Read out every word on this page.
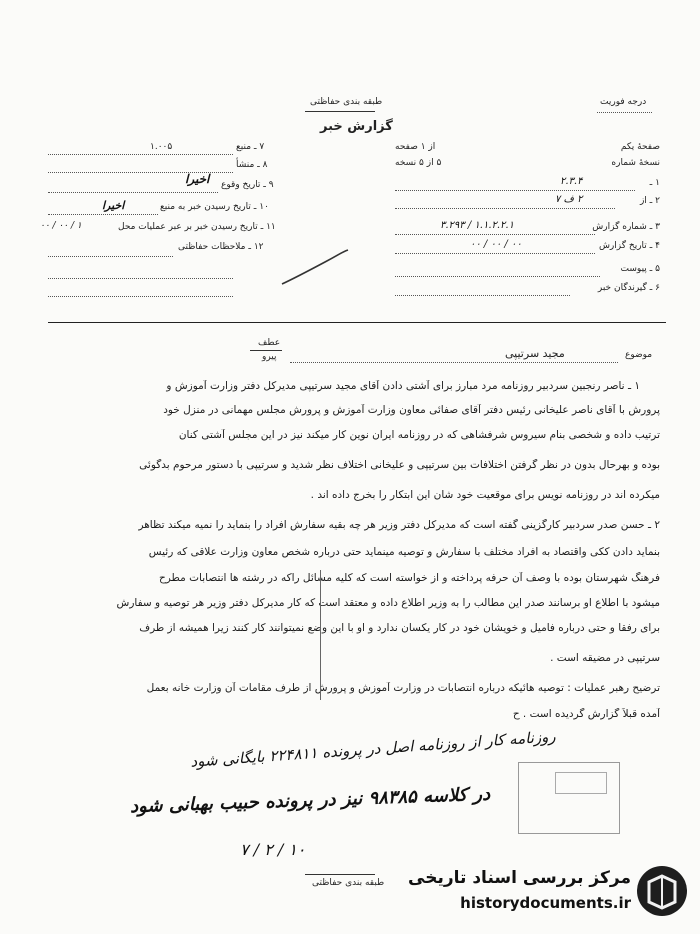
طبقه بندی حفاظتی
گزارش خبر
درجه فوریت
صفحهٔ یکم
از ۱ صفحه
نسخهٔ شماره
۵ از ۵ نسخه
۱ ـ
۲.۳.۴
۲ ـ از
۲ ف ۷
۳ ـ شماره گزارش
۱.۱.۲.۲.۱ / ۳.۲۹۳
۴ ـ تاریخ گزارش
۰۰ / ۰۰ / ۰۰
۵ ـ پیوست
۶ ـ گیرندگان خبر
۷ ـ منبع
۱.۰۰۵
۸ ـ منشأ
۹ ـ تاریخ وقوع
اخیرا
۱۰ ـ تاریخ رسیدن خبر به منبع
اخیرا
۱۱ ـ تاریخ رسیدن خبر بر عبر عملیات محل
۱ / ۰۰ / ۰۰
۱۲ ـ ملاحظات حفاظتی
عطف
پیرو	موضوع
مجید سرتیپی
۱ ـ ناصر رنجبین سردبیر روزنامه مرد مبارز برای آشتی دادن آقای مجید سرتیپی مدیرکل دفتر وزارت آموزش و
پرورش با آقای ناصر علیخانی رئیس دفتر آقای صفائی معاون وزارت آموزش و پرورش مجلس مهمانی در منزل خود
ترتیب داده و شخصی بنام سیروس شرفشاهی که در روزنامه ایران نوین کار میکند نیز در این مجلس آشتی کنان
بوده و بهرحال بدون در نظر گرفتن اختلافات بین سرتیپی و علیخانی اختلاف نظر شدید و سرتیپی با دستور مرحوم بدگوئی
میکرده اند در روزنامه نویس برای موقعیت خود شان این ابتکار را بخرج داده اند .
۲ ـ حسن صدر سردبیر کارگزینی گفته است که مدیرکل دفتر وزیر هر چه بقیه سفارش افراد را بنماید را نمیه میکند تظاهر
بنماید دادن ککی واقتصاد به افراد مختلف با سفارش و توصیه مینماید حتی درباره شخص معاون وزارت علاقی که رئیس
فرهنگ شهرستان بوده با وصف آن حرفه پرداخته و از خواسته است که کلیه مسائل راکه در رشته ها انتصابات مطرح
میشود با اطلاع او برسانند صدر این مطالب را به وزیر اطلاع داده و معتقد است که کار مدیرکل دفتر وزیر هر توصیه و سفارش
برای رفقا و حتی درباره فامیل و خویشان خود در کار یکسان ندارد و او با این وضع نمیتوانند کار کنند زیرا همیشه از طرف
سرتیپی در مضیقه است .
ترضیح رهبر عملیات : توصیه هائیکه درباره انتصابات در وزارت آموزش و پرورش از طرف مقامات آن وزارت خانه بعمل
آمده قبلاً گزارش گردیده است . ح
روزنامه کار از روزنامه اصل در پرونده ۲۲۴۸۱۱ بایگانی شود
در کلاسه ۹۸۳۸۵ نیز در پرونده حبیب بهبانی شود
۱۰ / ۲ / ۷
طبقه بندی حفاظتی مرکز بررسی اسناد تاریخی
historydocuments.ir
